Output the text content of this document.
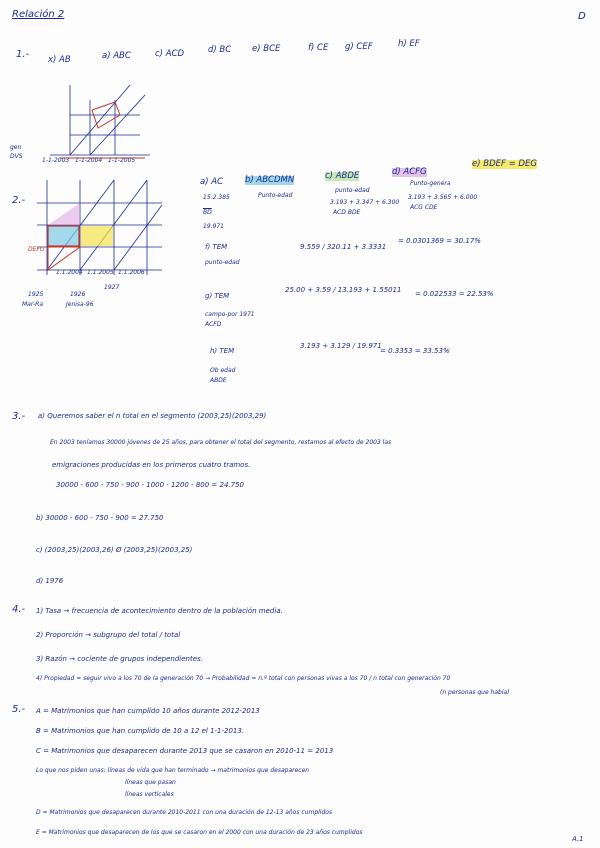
Relación 2	D
1.- x) AB	a) ABC	c) ACD	d) BC e) BCE	f) CE g) CEF	h) EF
gen
DVS
1-1-2003 1-1-2004 1-1-2005
2.-
DEFG
1.1.2004 1.1.2005 1.1.2006
1925	1926
1927
Mar-Ra	Jenisa-96
a) AC	b) ABCDMN	c) ABDE	d) ACFG
e) BDEF = DEG
15:2.385
$\overline{BD}$
19.971
Punto-edad
punto-edad
3.193 + 3.347 + 6.300
ACD BDE
Punto-genera
3.193 + 3.565 + 6.000
ACG CDE
f) TEM
punto-edad
9.559 / 320.11 + 3.3331
= 0.0301369 = 30.17%
g) TEM
campo-por 1971
ACFD
25.00 + 3.59 / 13.193 + 1.55011 = 0.022533 = 22.53%
h) TEM
3.193 + 3.129 / 19.971
= 0.3353 = 33.53%
Ob edad
ABDE
3.- a) Queremos saber el n total en el segmento (2003,25)(2003,29)
En 2003 teníamos 30000 jóvenes de 25 años, para obtener el total del segmento, restamos al efecto de 2003 las
emigraciones producidas en los primeros cuatro tramos.
30000 - 600 - 750 - 900 - 1000 - 1200 - 800 = 24.750
b) 30000 - 600 - 750 - 900 = 27.750
c) (2003,25)(2003,26) Ø (2003,25)(2003,25)
d) 1976
4.- 1) Tasa → frecuencia de acontecimiento dentro de la población media.
2) Proporción → subgrupo del total / total
3) Razón → cociente de grupos independientes.
4) Propiedad = seguir vivo a los 70 de la generación 70 → Probabilidad = n.º total con personas vivas a los 70 / n total con generación 70
(n personas que había)
5.- A = Matrimonios que han cumplido 10 años durante 2012-2013
B = Matrimonios que han cumplido de 10 a 12 el 1-1-2013.
C = Matrimonios que desaparecen durante 2013 que se casaron en 2010-11 = 2013
Lo que nos piden unas: líneas de vida que han terminado → matrimonios que desaparecen
líneas que pasan
líneas verticales
D = Matrimonios que desaparecen durante 2010-2011 con una duración de 12-13 años cumplidos
E = Matrimonios que desaparecen de los que se casaron en el 2000 con una duración de 23 años cumplidos
A.1
